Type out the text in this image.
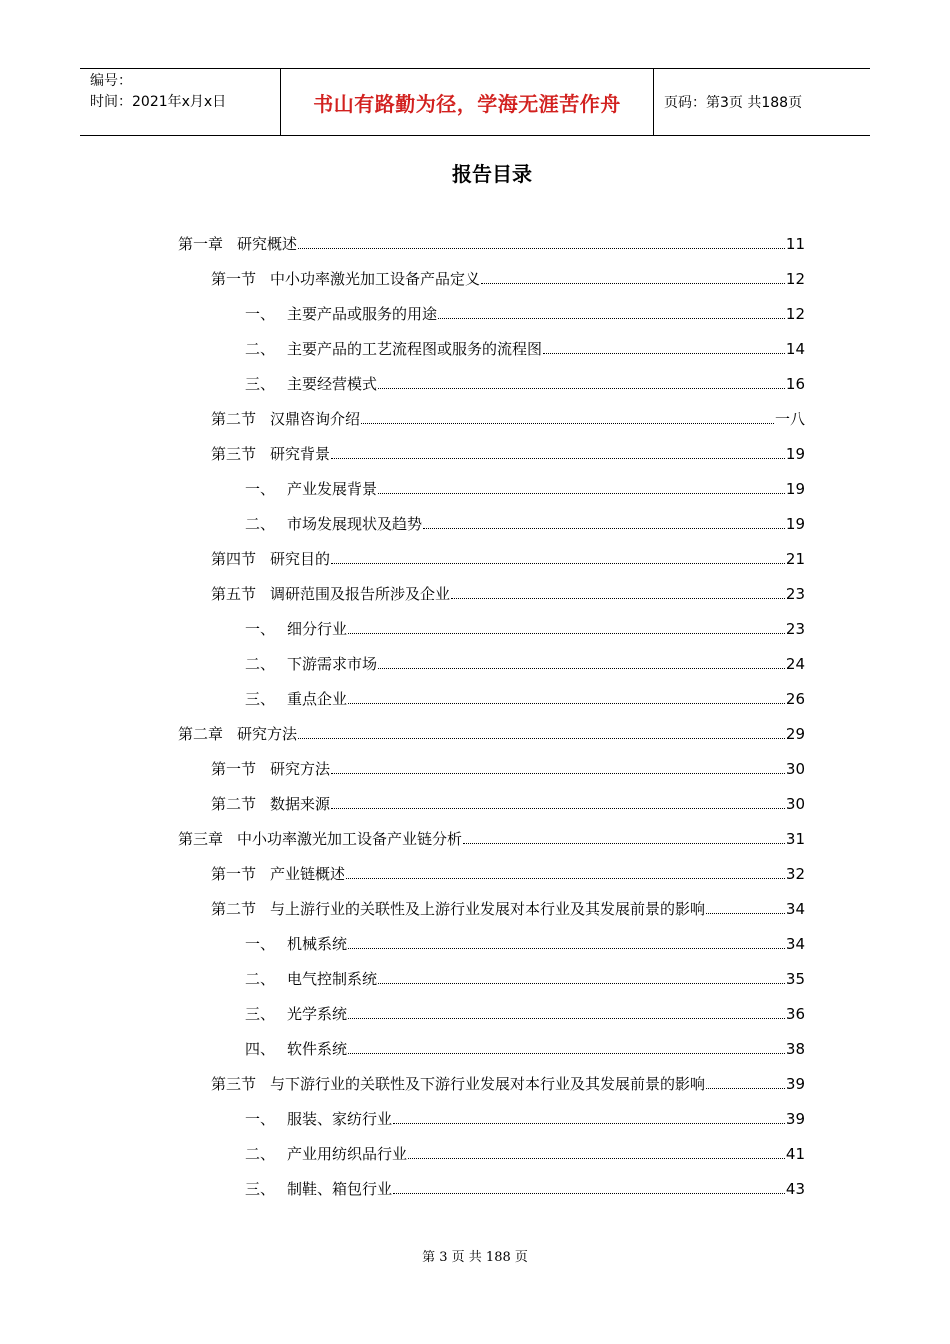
编号：
时间：2021年x月x日	书山有路勤为径，学海无涯苦作舟	页码：第3页 共188页
报告目录
第一章 研究概述	11
第一节 中小功率激光加工设备产品定义	12
一、 主要产品或服务的用途	12
二、 主要产品的工艺流程图或服务的流程图	14
三、 主要经营模式	16
第二节 汉鼎咨询介绍	一八
第三节 研究背景	19
一、 产业发展背景	19
二、 市场发展现状及趋势	19
第四节 研究目的	21
第五节 调研范围及报告所涉及企业	23
一、 细分行业	23
二、 下游需求市场	24
三、 重点企业	26
第二章 研究方法	29
第一节 研究方法	30
第二节 数据来源	30
第三章 中小功率激光加工设备产业链分析	31
第一节 产业链概述	32
第二节 与上游行业的关联性及上游行业发展对本行业及其发展前景的影响	34
一、 机械系统	34
二、 电气控制系统	35
三、 光学系统	36
四、 软件系统	38
第三节 与下游行业的关联性及下游行业发展对本行业及其发展前景的影响	39
一、 服装、家纺行业	39
二、 产业用纺织品行业	41
三、 制鞋、箱包行业	43
第 3 页 共 188 页
